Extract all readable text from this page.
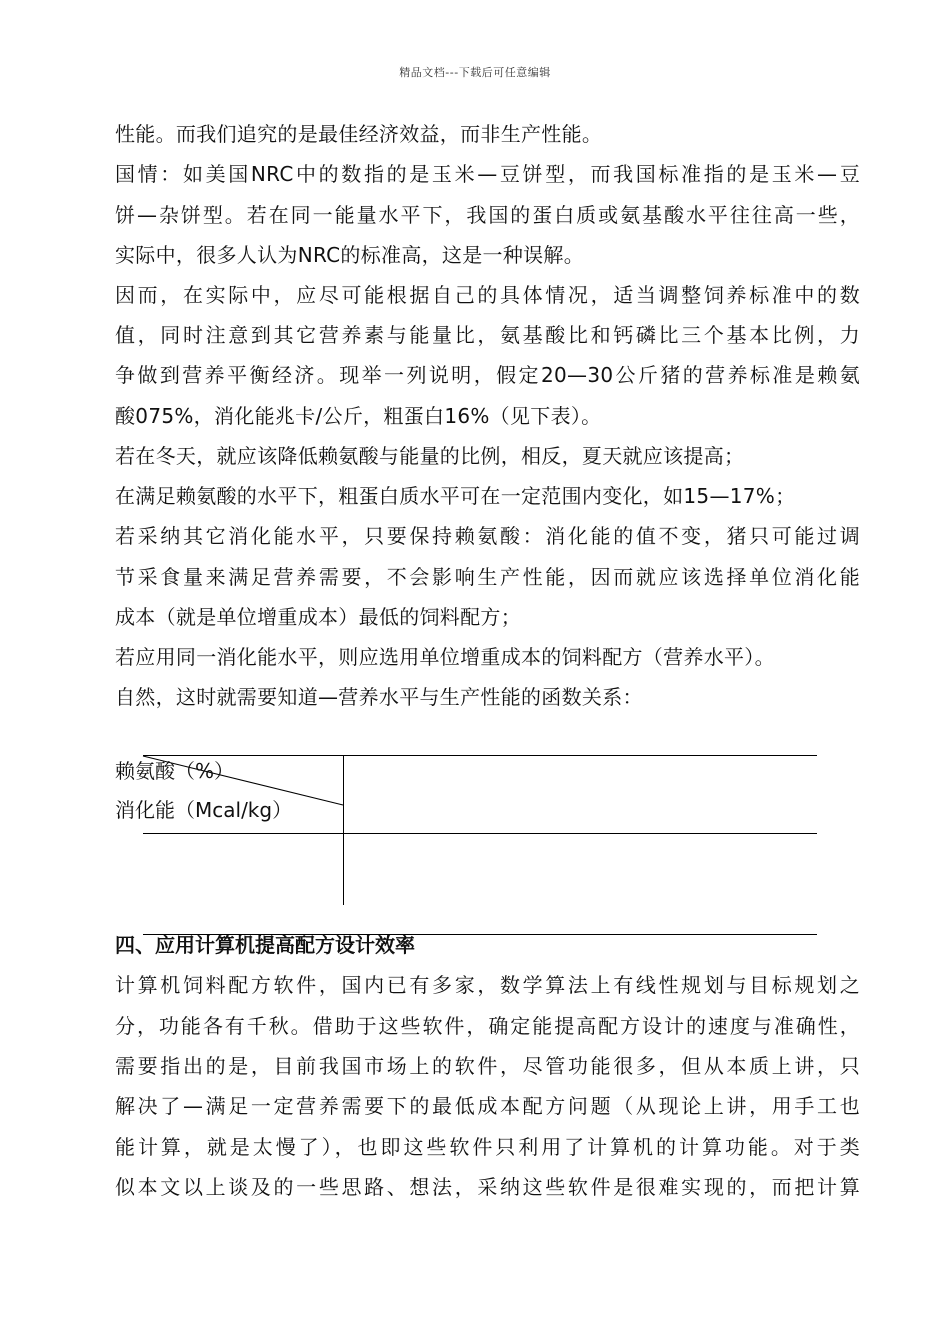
精品文档---下载后可任意编辑
性能。而我们追究的是最佳经济效益，而非生产性能。
国情：如美国NRC中的数指的是玉米—豆饼型，而我国标准指的是玉米—豆
饼—杂饼型。若在同一能量水平下，我国的蛋白质或氨基酸水平往往高一些，
实际中，很多人认为NRC的标准高，这是一种误解。
因而，在实际中，应尽可能根据自己的具体情况，适当调整饲养标准中的数
值，同时注意到其它营养素与能量比，氨基酸比和钙磷比三个基本比例，力
争做到营养平衡经济。现举一列说明，假定20—30公斤猪的营养标准是赖氨
酸075%，消化能兆卡/公斤，粗蛋白16%（见下表）。
若在冬天，就应该降低赖氨酸与能量的比例，相反，夏天就应该提高；
在满足赖氨酸的水平下，粗蛋白质水平可在一定范围内变化，如15—17%；
若采纳其它消化能水平，只要保持赖氨酸：消化能的值不变，猪只可能过调
节采食量来满足营养需要，不会影响生产性能，因而就应该选择单位消化能
成本（就是单位增重成本）最低的饲料配方；
若应用同一消化能水平，则应选用单位增重成本的饲料配方（营养水平）。
自然，这时就需要知道—营养水平与生产性能的函数关系：
赖氨酸（%）
消化能（Mcal/kg）
四、应用计算机提高配方设计效率
计算机饲料配方软件，国内已有多家，数学算法上有线性规划与目标规划之
分，功能各有千秋。借助于这些软件，确定能提高配方设计的速度与准确性，
需要指出的是，目前我国市场上的软件，尽管功能很多，但从本质上讲，只
解决了—满足一定营养需要下的最低成本配方问题（从现论上讲，用手工也
能计算，就是太慢了），也即这些软件只利用了计算机的计算功能。对于类
似本文以上谈及的一些思路、想法，采纳这些软件是很难实现的，而把计算
